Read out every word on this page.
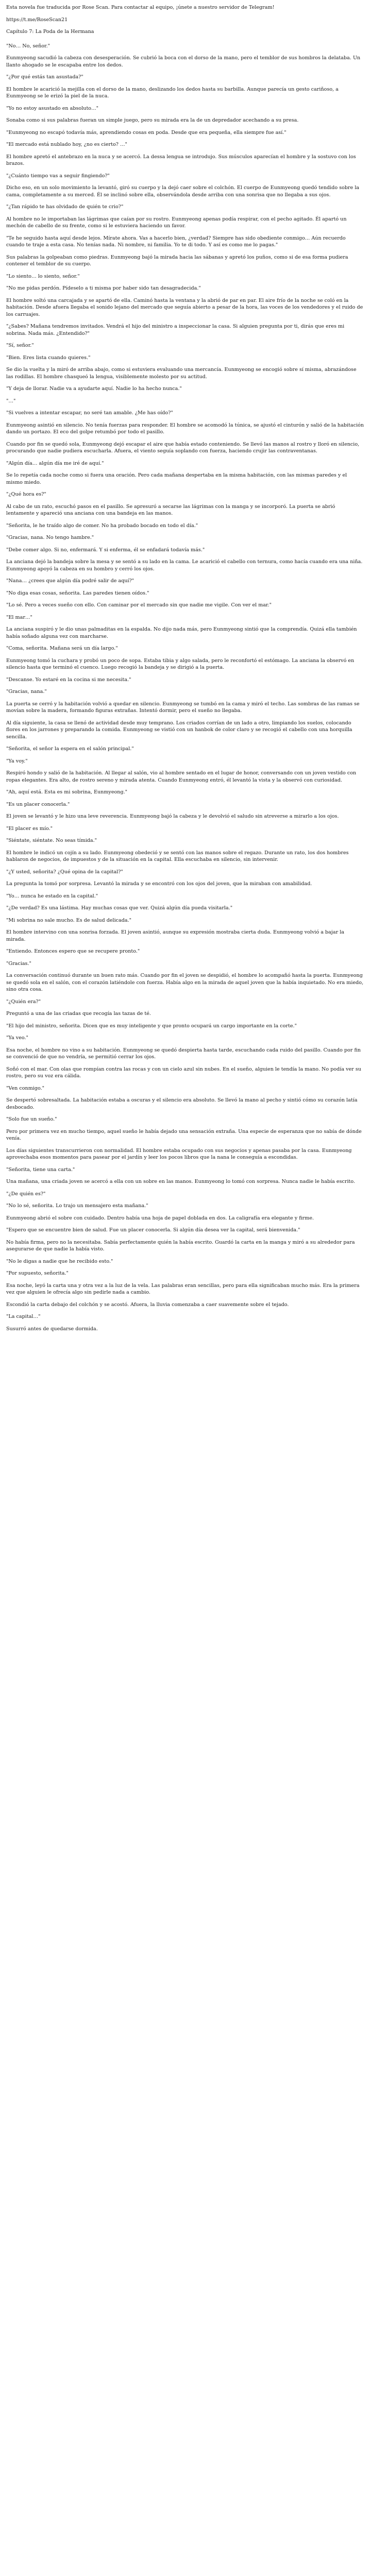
Esta novela fue traducida por Rose Scan. Para contactar al equipo, ¡únete a nuestro servidor de Telegram!

https://t.me/RoseScan21

Capítulo 7: La Poda de la Hermana

"No… No, señor."

Eunmyeong sacudió la cabeza con desesperación. Se cubrió la boca con el dorso de la mano, pero el temblor de sus hombros la delataba. Un llanto ahogado se le escapaba entre los dedos.

"¿Por qué estás tan asustada?"

El hombre le acarició la mejilla con el dorso de la mano, deslizando los dedos hasta su barbilla. Aunque parecía un gesto cariñoso, a Eunmyeong se le erizó la piel de la nuca.

"Yo no estoy asustado en absoluto…"

Sonaba como si sus palabras fueran un simple juego, pero su mirada era la de un depredador acechando a su presa.

"Eunmyeong no escapó todavía más, aprendiendo cosas en poda. Desde que era pequeña, ella siempre fue así."

"El mercado está nublado hoy, ¿no es cierto? …"

El hombre apretó el antebrazo en la nuca y se acercó. La dessa lengua se introdujo. Sus músculos aparecían el hombre y la sostuvo con los brazos.

"¿Cuánto tiempo vas a seguir fingiendo?"

Dicho eso, en un solo movimiento la levantó, giró su cuerpo y la dejó caer sobre el colchón. El cuerpo de Eunmyeong quedó tendido sobre la cama, completamente a su merced. Él se inclinó sobre ella, observándola desde arriba con una sonrisa que no llegaba a sus ojos.

"¿Tan rápido te has olvidado de quién te crio?"

Al hombre no le importaban las lágrimas que caían por su rostro. Eunmyeong apenas podía respirar, con el pecho agitado. Él apartó un mechón de cabello de su frente, como si le estuviera haciendo un favor.

"Te he seguido hasta aquí desde lejos. Mírate ahora. Vas a hacerlo bien, ¿verdad? Siempre has sido obediente conmigo… Aún recuerdo cuando te traje a esta casa. No tenías nada. Ni nombre, ni familia. Yo te di todo. Y así es como me lo pagas."

Sus palabras la golpeaban como piedras. Eunmyeong bajó la mirada hacia las sábanas y apretó los puños, como si de esa forma pudiera contener el temblor de su cuerpo.

"Lo siento… lo siento, señor."

"No me pidas perdón. Pídeselo a ti misma por haber sido tan desagradecida."

El hombre soltó una carcajada y se apartó de ella. Caminó hasta la ventana y la abrió de par en par. El aire frío de la noche se coló en la habitación. Desde afuera llegaba el sonido lejano del mercado que seguía abierto a pesar de la hora, las voces de los vendedores y el ruido de los carruajes.

"¿Sabes? Mañana tendremos invitados. Vendrá el hijo del ministro a inspeccionar la casa. Si alguien pregunta por ti, dirás que eres mi sobrina. Nada más. ¿Entendido?"

"Sí, señor."

"Bien. Eres lista cuando quieres."

Se dio la vuelta y la miró de arriba abajo, como si estuviera evaluando una mercancía. Eunmyeong se encogió sobre sí misma, abrazándose las rodillas. El hombre chasqueó la lengua, visiblemente molesto por su actitud.

"Y deja de llorar. Nadie va a ayudarte aquí. Nadie lo ha hecho nunca."

"…"

"Si vuelves a intentar escapar, no seré tan amable. ¿Me has oído?"

Eunmyeong asintió en silencio. No tenía fuerzas para responder. El hombre se acomodó la túnica, se ajustó el cinturón y salió de la habitación dando un portazo. El eco del golpe retumbó por todo el pasillo.

Cuando por fin se quedó sola, Eunmyeong dejó escapar el aire que había estado conteniendo. Se llevó las manos al rostro y lloró en silencio, procurando que nadie pudiera escucharla. Afuera, el viento seguía soplando con fuerza, haciendo crujir las contraventanas.

"Algún día… algún día me iré de aquí."

Se lo repetía cada noche como si fuera una oración. Pero cada mañana despertaba en la misma habitación, con las mismas paredes y el mismo miedo.

"¿Qué hora es?"

Al cabo de un rato, escuchó pasos en el pasillo. Se apresuró a secarse las lágrimas con la manga y se incorporó. La puerta se abrió lentamente y apareció una anciana con una bandeja en las manos.

"Señorita, le he traído algo de comer. No ha probado bocado en todo el día."

"Gracias, nana. No tengo hambre."

"Debe comer algo. Si no, enfermará. Y si enferma, él se enfadará todavía más."

La anciana dejó la bandeja sobre la mesa y se sentó a su lado en la cama. Le acarició el cabello con ternura, como hacía cuando era una niña. Eunmyeong apoyó la cabeza en su hombro y cerró los ojos.

"Nana… ¿crees que algún día podré salir de aquí?"

"No diga esas cosas, señorita. Las paredes tienen oídos."

"Lo sé. Pero a veces sueño con ello. Con caminar por el mercado sin que nadie me vigile. Con ver el mar."

"El mar…"

La anciana suspiró y le dio unas palmaditas en la espalda. No dijo nada más, pero Eunmyeong sintió que la comprendía. Quizá ella también había soñado alguna vez con marcharse.

"Coma, señorita. Mañana será un día largo."

Eunmyeong tomó la cuchara y probó un poco de sopa. Estaba tibia y algo salada, pero le reconfortó el estómago. La anciana la observó en silencio hasta que terminó el cuenco. Luego recogió la bandeja y se dirigió a la puerta.

"Descanse. Yo estaré en la cocina si me necesita."

"Gracias, nana."

La puerta se cerró y la habitación volvió a quedar en silencio. Eunmyeong se tumbó en la cama y miró el techo. Las sombras de las ramas se movían sobre la madera, formando figuras extrañas. Intentó dormir, pero el sueño no llegaba.

Al día siguiente, la casa se llenó de actividad desde muy temprano. Los criados corrían de un lado a otro, limpiando los suelos, colocando flores en los jarrones y preparando la comida. Eunmyeong se vistió con un hanbok de color claro y se recogió el cabello con una horquilla sencilla.

"Señorita, el señor la espera en el salón principal."

"Ya voy."

Respiró hondo y salió de la habitación. Al llegar al salón, vio al hombre sentado en el lugar de honor, conversando con un joven vestido con ropas elegantes. Era alto, de rostro sereno y mirada atenta. Cuando Eunmyeong entró, él levantó la vista y la observó con curiosidad.

"Ah, aquí está. Esta es mi sobrina, Eunmyeong."

"Es un placer conocerla."

El joven se levantó y le hizo una leve reverencia. Eunmyeong bajó la cabeza y le devolvió el saludo sin atreverse a mirarlo a los ojos.

"El placer es mío."

"Siéntate, siéntate. No seas tímida."

El hombre le indicó un cojín a su lado. Eunmyeong obedeció y se sentó con las manos sobre el regazo. Durante un rato, los dos hombres hablaron de negocios, de impuestos y de la situación en la capital. Ella escuchaba en silencio, sin intervenir.

"¿Y usted, señorita? ¿Qué opina de la capital?"

La pregunta la tomó por sorpresa. Levantó la mirada y se encontró con los ojos del joven, que la miraban con amabilidad.

"Yo… nunca he estado en la capital."

"¿De verdad? Es una lástima. Hay muchas cosas que ver. Quizá algún día pueda visitarla."

"Mi sobrina no sale mucho. Es de salud delicada."

El hombre intervino con una sonrisa forzada. El joven asintió, aunque su expresión mostraba cierta duda. Eunmyeong volvió a bajar la mirada.

"Entiendo. Entonces espero que se recupere pronto."

"Gracias."

La conversación continuó durante un buen rato más. Cuando por fin el joven se despidió, el hombre lo acompañó hasta la puerta. Eunmyeong se quedó sola en el salón, con el corazón latiéndole con fuerza. Había algo en la mirada de aquel joven que la había inquietado. No era miedo, sino otra cosa.

"¿Quién era?"

Preguntó a una de las criadas que recogía las tazas de té.

"El hijo del ministro, señorita. Dicen que es muy inteligente y que pronto ocupará un cargo importante en la corte."

"Ya veo."

Esa noche, el hombre no vino a su habitación. Eunmyeong se quedó despierta hasta tarde, escuchando cada ruido del pasillo. Cuando por fin se convenció de que no vendría, se permitió cerrar los ojos.

Soñó con el mar. Con olas que rompían contra las rocas y con un cielo azul sin nubes. En el sueño, alguien le tendía la mano. No podía ver su rostro, pero su voz era cálida.

"Ven conmigo."

Se despertó sobresaltada. La habitación estaba a oscuras y el silencio era absoluto. Se llevó la mano al pecho y sintió cómo su corazón latía desbocado.

"Solo fue un sueño."

Pero por primera vez en mucho tiempo, aquel sueño le había dejado una sensación extraña. Una especie de esperanza que no sabía de dónde venía.

Los días siguientes transcurrieron con normalidad. El hombre estaba ocupado con sus negocios y apenas pasaba por la casa. Eunmyeong aprovechaba esos momentos para pasear por el jardín y leer los pocos libros que la nana le conseguía a escondidas.

"Señorita, tiene una carta."

Una mañana, una criada joven se acercó a ella con un sobre en las manos. Eunmyeong lo tomó con sorpresa. Nunca nadie le había escrito.

"¿De quién es?"

"No lo sé, señorita. Lo trajo un mensajero esta mañana."

Eunmyeong abrió el sobre con cuidado. Dentro había una hoja de papel doblada en dos. La caligrafía era elegante y firme.

"Espero que se encuentre bien de salud. Fue un placer conocerla. Si algún día desea ver la capital, será bienvenida."

No había firma, pero no la necesitaba. Sabía perfectamente quién la había escrito. Guardó la carta en la manga y miró a su alrededor para asegurarse de que nadie la había visto.

"No le digas a nadie que he recibido esto."

"Por supuesto, señorita."

Esa noche, leyó la carta una y otra vez a la luz de la vela. Las palabras eran sencillas, pero para ella significaban mucho más. Era la primera vez que alguien le ofrecía algo sin pedirle nada a cambio.

Escondió la carta debajo del colchón y se acostó. Afuera, la lluvia comenzaba a caer suavemente sobre el tejado.

"La capital…"

Susurró antes de quedarse dormida.
